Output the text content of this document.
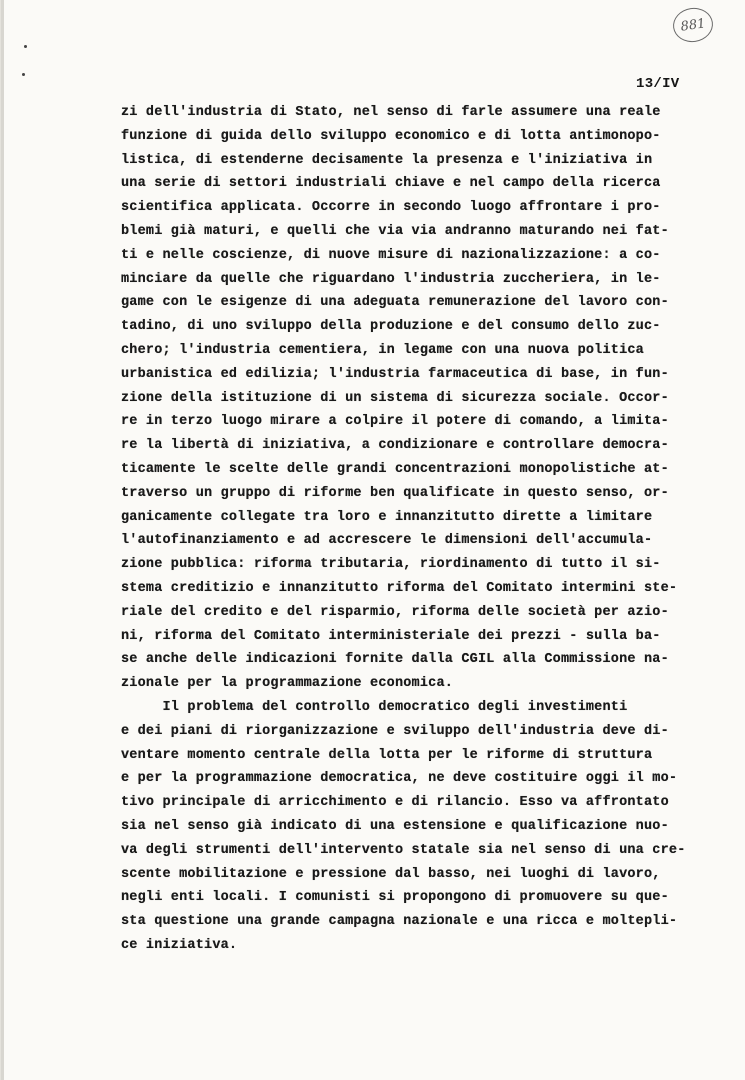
881
13/IV
zi dell'industria di Stato, nel senso di farle assumere una reale
funzione di guida dello sviluppo economico e di lotta antimonopo-
listica, di estenderne decisamente la presenza e l'iniziativa in
una serie di settori industriali chiave e nel campo della ricerca
scientifica applicata. Occorre in secondo luogo affrontare i pro-
blemi già maturi, e quelli che via via andranno maturando nei fat-
ti e nelle coscienze, di nuove misure di nazionalizzazione: a co-
minciare da quelle che riguardano l'industria zuccheriera, in le-
game con le esigenze di una adeguata remunerazione del lavoro con-
tadino, di uno sviluppo della produzione e del consumo dello zuc-
chero; l'industria cementiera, in legame con una nuova politica
urbanistica ed edilizia; l'industria farmaceutica di base, in fun-
zione della istituzione di un sistema di sicurezza sociale. Occor-
re in terzo luogo mirare a colpire il potere di comando, a limita-
re la libertà di iniziativa, a condizionare e controllare democra-
ticamente le scelte delle grandi concentrazioni monopolistiche at-
traverso un gruppo di riforme ben qualificate in questo senso, or-
ganicamente collegate tra loro e innanzitutto dirette a limitare
l'autofinanziamento e ad accrescere le dimensioni dell'accumula-
zione pubblica: riforma tributaria, riordinamento di tutto il si-
stema creditizio e innanzitutto riforma del Comitato intermini ste-
riale del credito e del risparmio, riforma delle società per azio-
ni, riforma del Comitato interministeriale dei prezzi - sulla ba-
se anche delle indicazioni fornite dalla CGIL alla Commissione na-
zionale per la programmazione economica.
Il problema del controllo democratico degli investimenti
e dei piani di riorganizzazione e sviluppo dell'industria deve di-
ventare momento centrale della lotta per le riforme di struttura
e per la programmazione democratica, ne deve costituire oggi il mo-
tivo principale di arricchimento e di rilancio. Esso va affrontato
sia nel senso già indicato di una estensione e qualificazione nuo-
va degli strumenti dell'intervento statale sia nel senso di una cre-
scente mobilitazione e pressione dal basso, nei luoghi di lavoro,
negli enti locali. I comunisti si propongono di promuovere su que-
sta questione una grande campagna nazionale e una ricca e moltepli-
ce iniziativa.
